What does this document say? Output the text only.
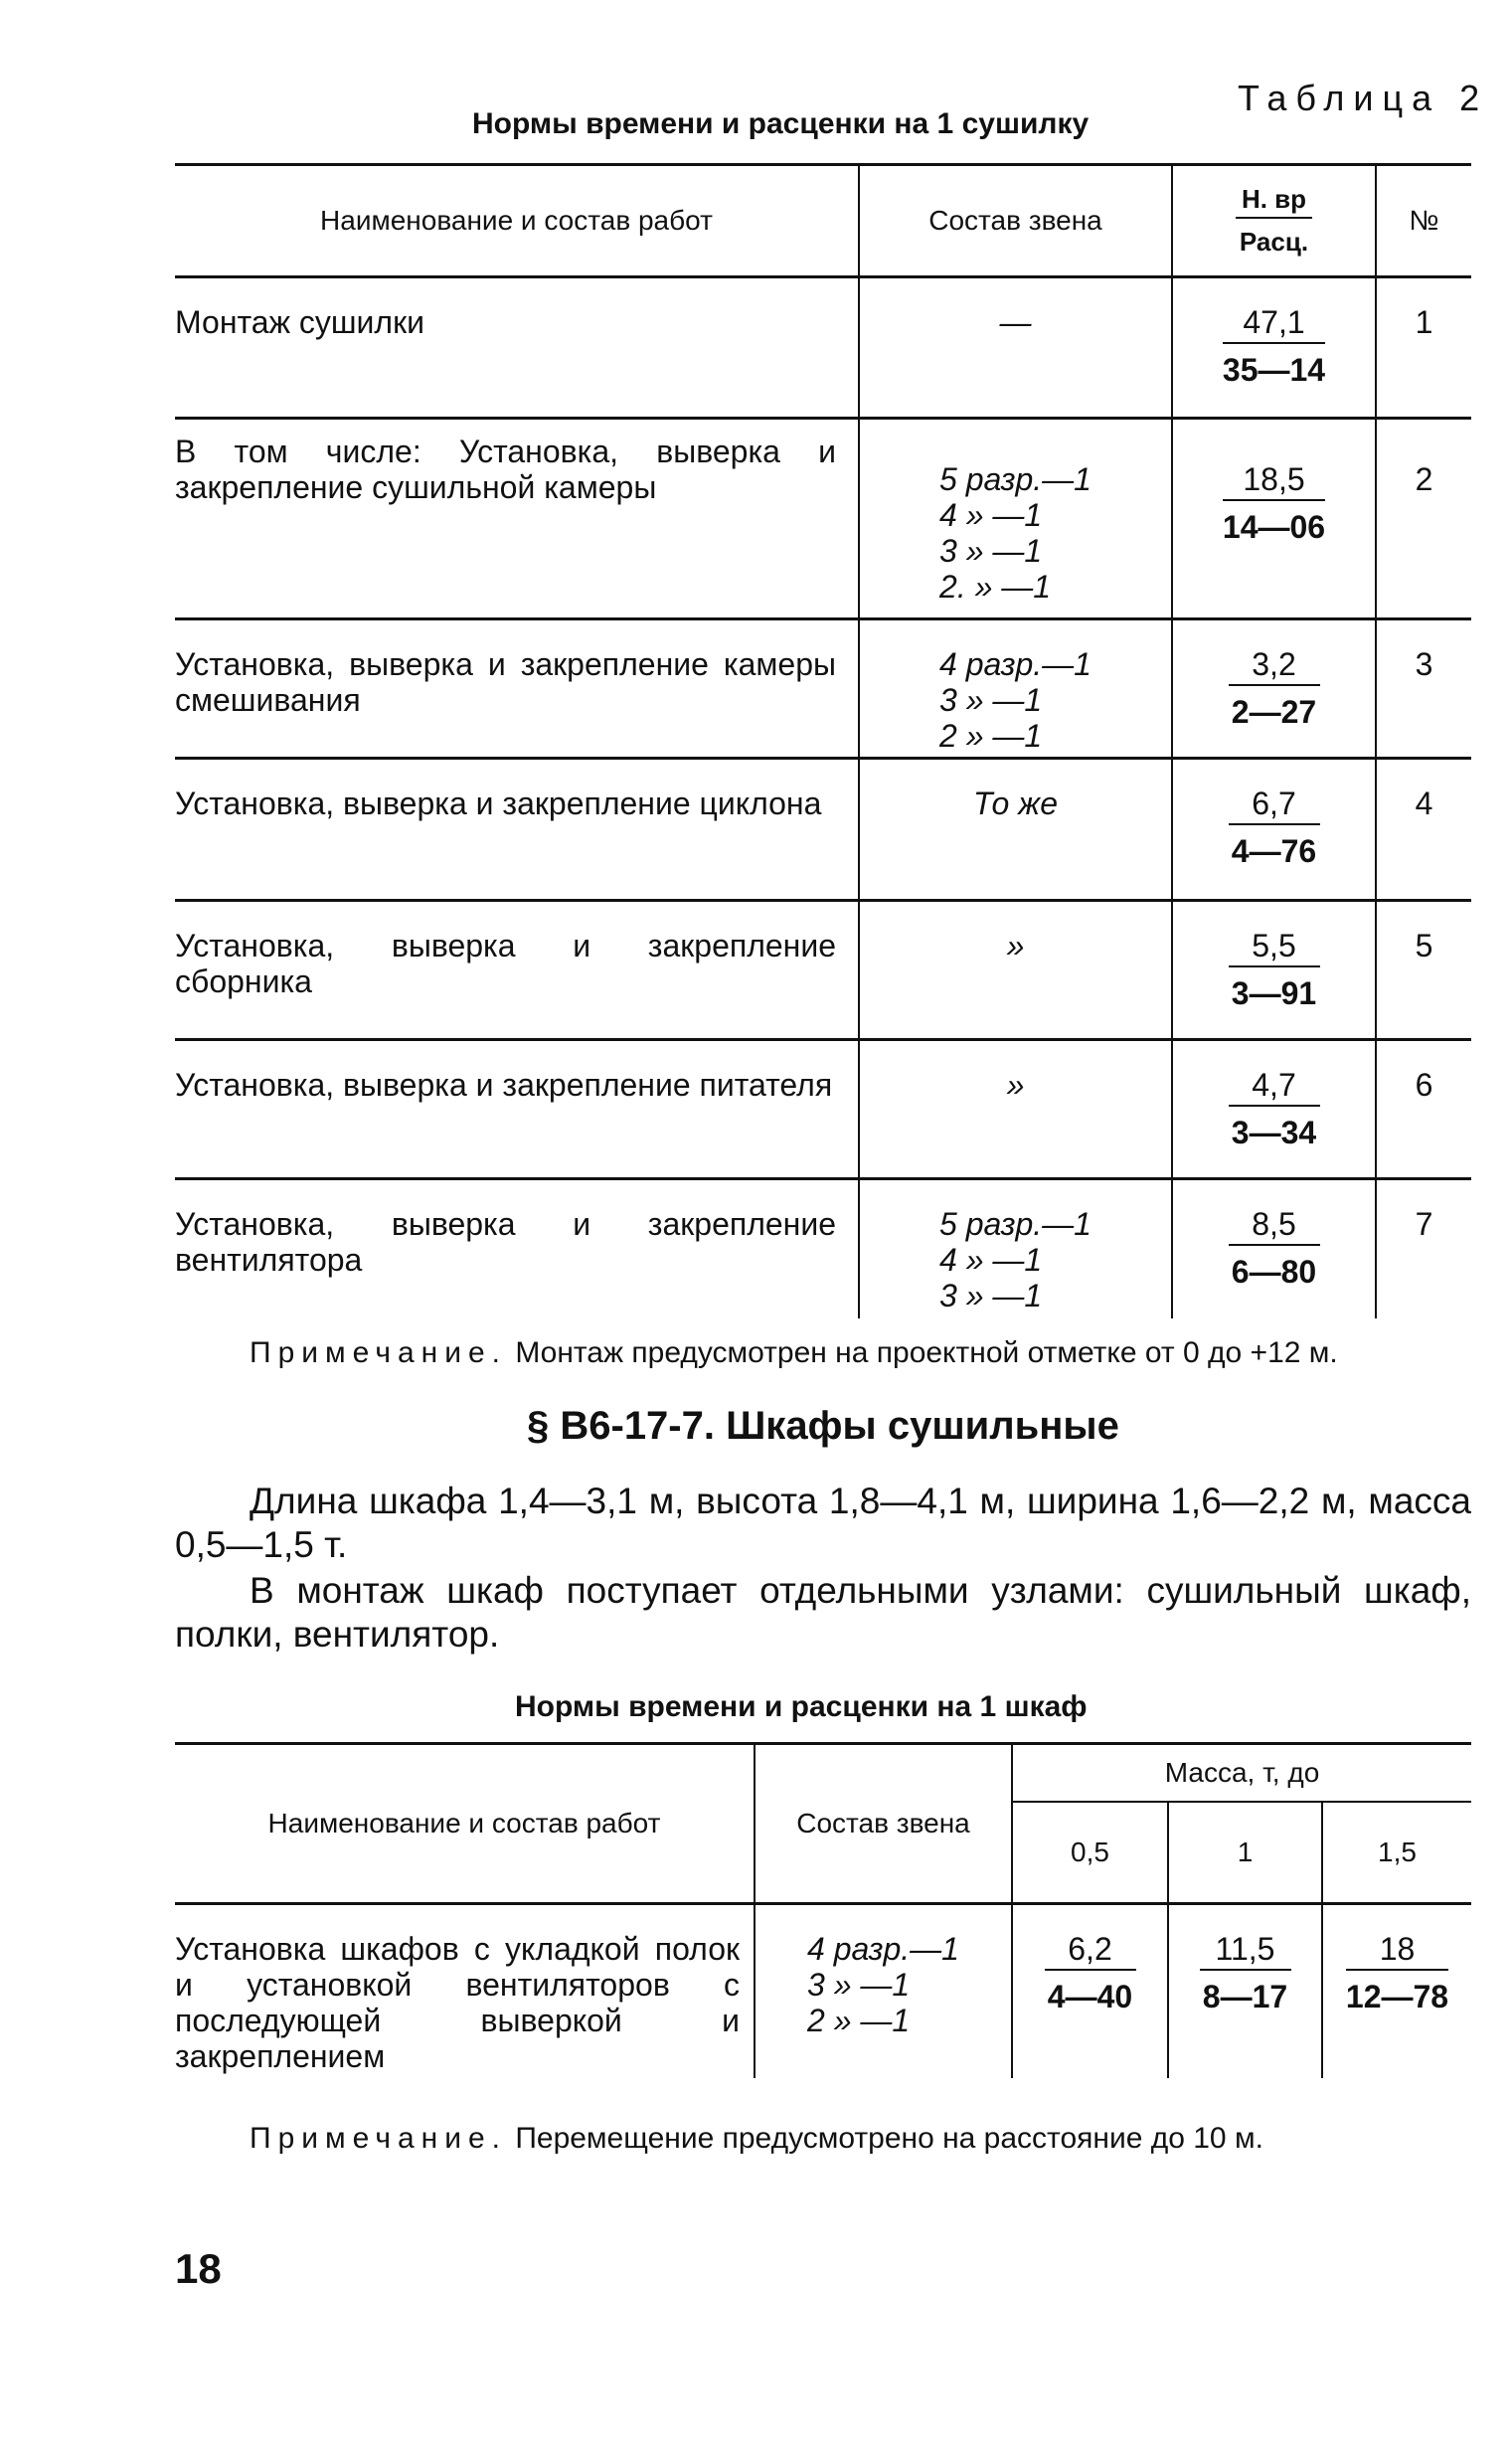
Таблица 2
Нормы времени и расценки на 1 сушилку
Наименование и состав работ	Состав звена	$\frac{Н. вр}{\text{Расц.}}$	№
Монтаж сушилки	—	$\frac{47,1}{35—14}$	1
В том числе: Установка, выверка и закрепление сушильной камеры	5 разр.—1
4 » —1
3 » —1
2. » —1	$\frac{18,5}{14—06}$	2
Установка, выверка и закрепление камеры смешивания	4 разр.—1
3 » —1
2 » —1	$\frac{3,2}{2—27}$	3
Установка, выверка и закрепление циклона	То же	$\frac{6,7}{4—76}$	4
Установка, выверка и закрепление сборника	»	$\frac{5,5}{3—91}$	5
Установка, выверка и закрепление питателя	»	$\frac{4,7}{3—34}$	6
Установка, выверка и закрепление вентилятора	5 разр.—1
4 » —1
3 » —1	$\frac{8,5}{6—80}$	7
Примечание. Монтаж предусмотрен на проектной отметке от 0 до +12 м.
§ В6-17-7. Шкафы сушильные
Длина шкафа 1,4—3,1 м, высота 1,8—4,1 м, ширина 1,6—2,2 м, масса 0,5—1,5 т.
В монтаж шкаф поступает отдельными узлами: сушильный шкаф, полки, вентилятор.
Нормы времени и расценки на 1 шкаф
Наименование и состав работ	Состав звена	Масса, т, до		
		0,5	1	1,5
Установка шкафов с укладкой полок и установкой вентиляторов с последующей выверкой и закреплением	4 разр.—1
3 » —1
2 » —1	$\frac{6,2}{4—40}$	$\frac{11,5}{8—17}$	$\frac{18}{12—78}$
Примечание. Перемещение предусмотрено на расстояние до 10 м.
18
